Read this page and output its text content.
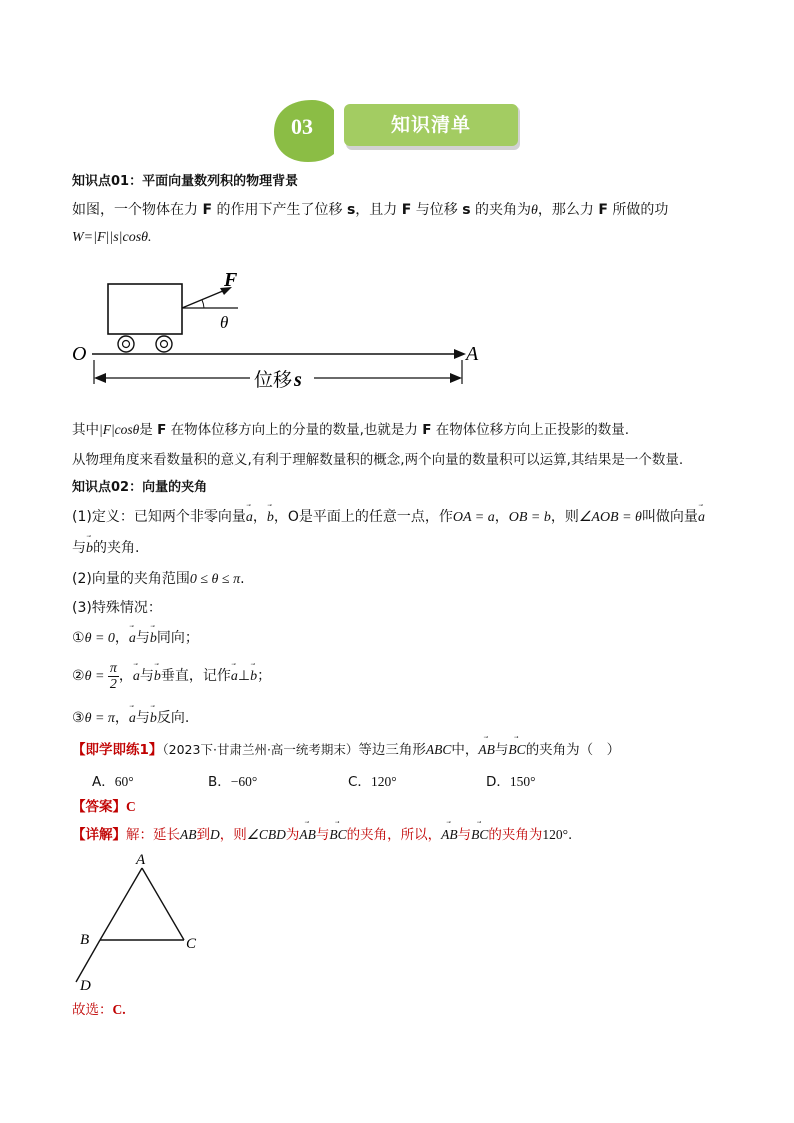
03	知识清单
知识点01：平面向量数列积的物理背景
如图，一个物体在力 F 的作用下产生了位移 s，且力 F 与位移 s 的夹角为θ，那么力 F 所做的功
W=|F||s|cosθ.
F
θ
O	A
位移 s
其中|F|cosθ是 F 在物体位移方向上的分量的数量,也就是力 F 在物体位移方向上正投影的数量.
从物理角度来看数量积的意义,有利于理解数量积的概念,两个向量的数量积可以运算,其结果是一个数量.
知识点02：向量的夹角
(1)定义：已知两个非零向量⃗ a，⃗ b，O是平面上的任意一点，作OA = a，OB = b，则∠AOB = θ叫做向量⃗ a
与⃗ b的夹角.
(2)向量的夹角范围0 ≤ θ ≤ π.
(3)特殊情况：
①θ = 0，⃗ a与⃗ b同向；
②θ = $\frac{\pi}{2}$ ，⃗ a与⃗ b垂直，记作⃗ a⊥⃗ b；
③θ = π，⃗ a与⃗ b反向.
【即学即练1】（2023下·甘肃兰州·高一统考期末）等边三角形ABC中，⃗ AB与⃗ BC的夹角为（　）
A．60°	B．−60°	C．120°	D．150°
【答案】C
【详解】解：延长AB到D，则∠CBD为⃗ AB与⃗ BC的夹角，所以，⃗ AB与⃗ BC的夹角为120°.
A
B	C
D
故选：C.
